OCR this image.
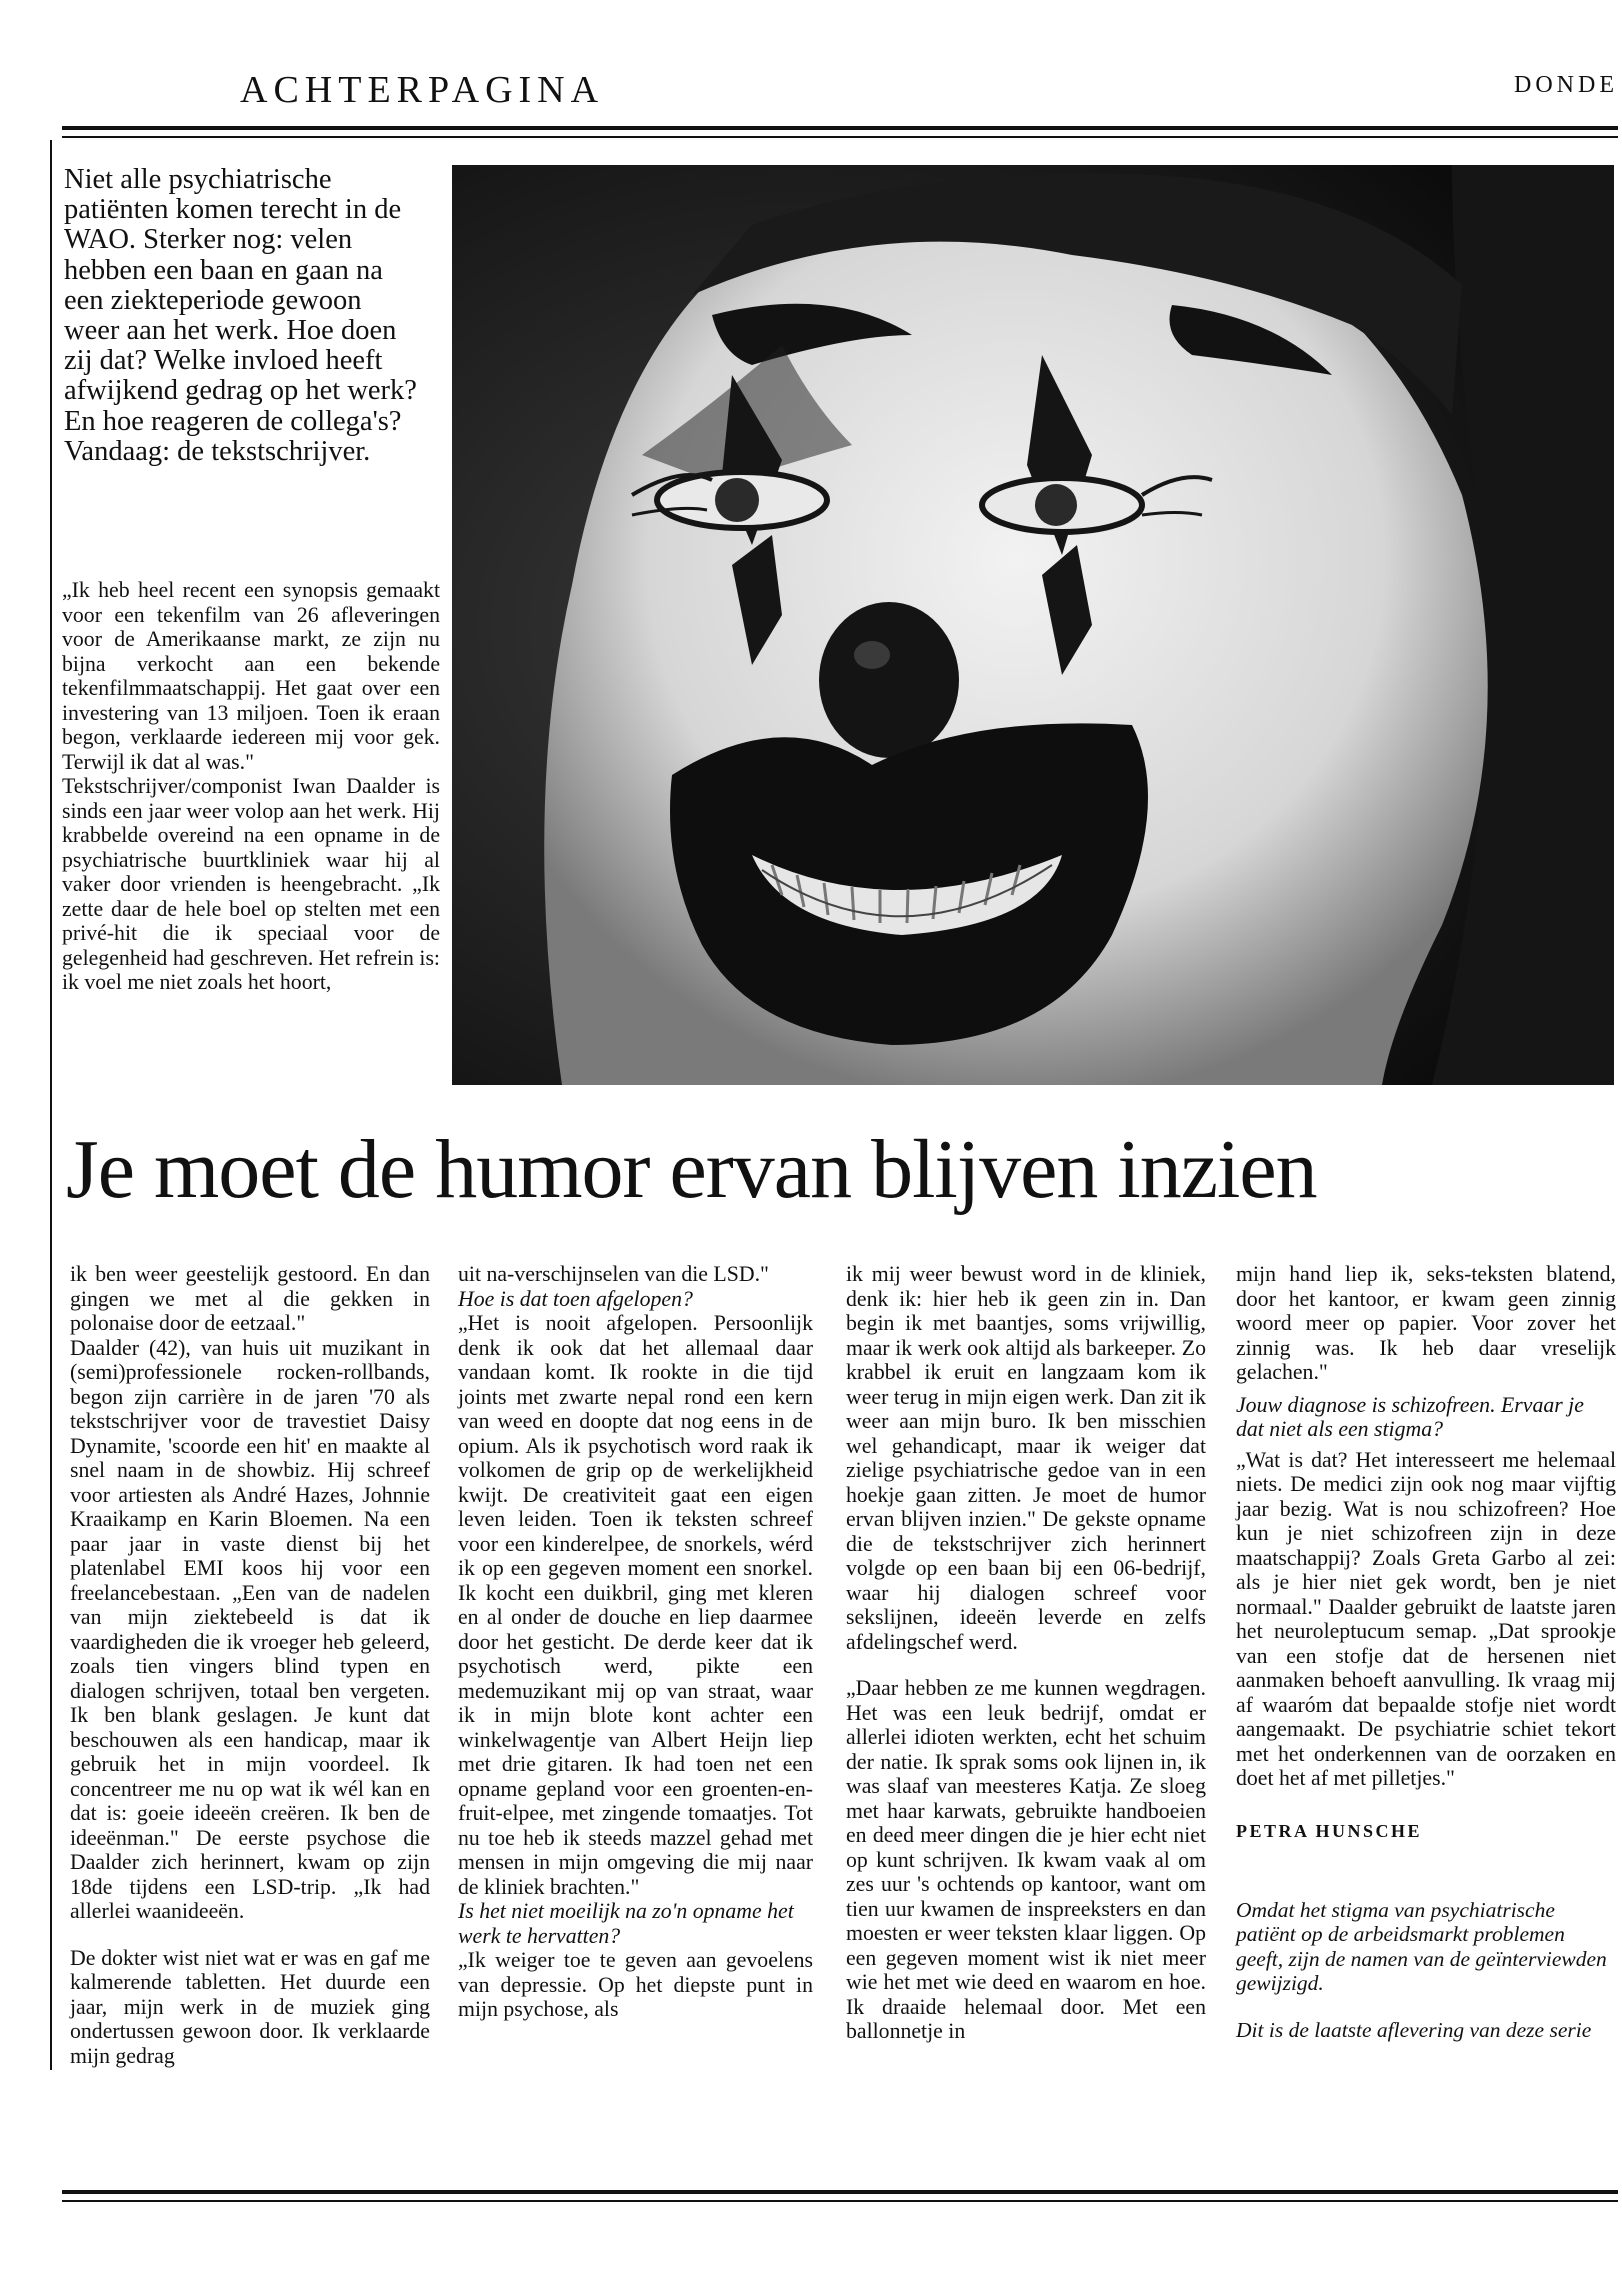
ACHTERPAGINA	DONDE
Niet alle psychiatrische patiënten komen terecht in de WAO. Sterker nog: velen hebben een baan en gaan na een ziekteperiode gewoon weer aan het werk. Hoe doen zij dat? Welke invloed heeft afwijkend gedrag op het werk? En hoe reageren de collega's? Vandaag: de tekstschrijver.

„Ik heb heel recent een synopsis gemaakt voor een tekenfilm van 26 afleveringen voor de Amerikaanse markt, ze zijn nu bijna verkocht aan een bekende tekenfilmmaatschappij. Het gaat over een investering van 13 miljoen. Toen ik eraan begon, verklaarde iedereen mij voor gek. Terwijl ik dat al was."
Tekstschrijver/componist Iwan Daalder is sinds een jaar weer volop aan het werk. Hij krabbelde overeind na een opname in de psychiatrische buurtkliniek waar hij al vaker door vrienden is heengebracht. „Ik zette daar de hele boel op stelten met een privé-hit die ik speciaal voor de gelegenheid had geschreven. Het refrein is: ik voel me niet zoals het hoort,

Je moet de humor ervan blijven inzien

ik ben weer geestelijk gestoord. En dan gingen we met al die gekken in polonaise door de eetzaal."
Daalder (42), van huis uit muzikant in (semi)professionele rocken-rollbands, begon zijn carrière in de jaren '70 als tekstschrijver voor de travestiet Daisy Dynamite, 'scoorde een hit' en maakte al snel naam in de showbiz. Hij schreef voor artiesten als André Hazes, Johnnie Kraaikamp en Karin Bloemen. Na een paar jaar in vaste dienst bij het platenlabel EMI koos hij voor een freelancebestaan. „Een van de nadelen van mijn ziektebeeld is dat ik vaardigheden die ik vroeger heb geleerd, zoals tien vingers blind typen en dialogen schrijven, totaal ben vergeten. Ik ben blank geslagen. Je kunt dat beschouwen als een handicap, maar ik gebruik het in mijn voordeel. Ik concentreer me nu op wat ik wél kan en dat is: goeie ideeën creëren. Ik ben de ideeënman." De eerste psychose die Daalder zich herinnert, kwam op zijn 18de tijdens een LSD-trip. „Ik had allerlei waanideeën.

De dokter wist niet wat er was en gaf me kalmerende tabletten. Het duurde een jaar, mijn werk in de muziek ging ondertussen gewoon door. Ik verklaarde mijn gedrag

uit na-verschijnselen van die LSD."

Hoe is dat toen afgelopen?

„Het is nooit afgelopen. Persoonlijk denk ik ook dat het allemaal daar vandaan komt. Ik rookte in die tijd joints met zwarte nepal rond een kern van weed en doopte dat nog eens in de opium. Als ik psychotisch word raak ik volkomen de grip op de werkelijkheid kwijt. De creativiteit gaat een eigen leven leiden. Toen ik teksten schreef voor een kinderelpee, de snorkels, wérd ik op een gegeven moment een snorkel. Ik kocht een duikbril, ging met kleren en al onder de douche en liep daarmee door het gesticht. De derde keer dat ik psychotisch werd, pikte een medemuzikant mij op van straat, waar ik in mijn blote kont achter een winkelwagentje van Albert Heijn liep met drie gitaren. Ik had toen net een opname gepland voor een groenten-en-fruit-elpee, met zingende tomaatjes. Tot nu toe heb ik steeds mazzel gehad met mensen in mijn omgeving die mij naar de kliniek brachten."

Is het niet moeilijk na zo'n opname het werk te hervatten?

„Ik weiger toe te geven aan gevoelens van depressie. Op het diepste punt in mijn psychose, als

ik mij weer bewust word in de kliniek, denk ik: hier heb ik geen zin in. Dan begin ik met baantjes, soms vrijwillig, maar ik werk ook altijd als barkeeper. Zo krabbel ik eruit en langzaam kom ik weer terug in mijn eigen werk. Dan zit ik weer aan mijn buro. Ik ben misschien wel gehandicapt, maar ik weiger dat zielige psychiatrische gedoe van in een hoekje gaan zitten. Je moet de humor ervan blijven inzien." De gekste opname die de tekstschrijver zich herinnert volgde op een baan bij een 06-bedrijf, waar hij dialogen schreef voor sekslijnen, ideeën leverde en zelfs afdelingschef werd.

„Daar hebben ze me kunnen wegdragen. Het was een leuk bedrijf, omdat er allerlei idioten werkten, echt het schuim der natie. Ik sprak soms ook lijnen in, ik was slaaf van meesteres Katja. Ze sloeg met haar karwats, gebruikte handboeien en deed meer dingen die je hier echt niet op kunt schrijven. Ik kwam vaak al om zes uur 's ochtends op kantoor, want om tien uur kwamen de inspreeksters en dan moesten er weer teksten klaar liggen. Op een gegeven moment wist ik niet meer wie het met wie deed en waarom en hoe. Ik draaide helemaal door. Met een ballonnetje in

mijn hand liep ik, seks-teksten blatend, door het kantoor, er kwam geen zinnig woord meer op papier. Voor zover het zinnig was. Ik heb daar vreselijk gelachen."

Jouw diagnose is schizofreen. Ervaar je dat niet als een stigma?

„Wat is dat? Het interesseert me helemaal niets. De medici zijn ook nog maar vijftig jaar bezig. Wat is nou schizofreen? Hoe kun je niet schizofreen zijn in deze maatschappij? Zoals Greta Garbo al zei: als je hier niet gek wordt, ben je niet normaal." Daalder gebruikt de laatste jaren het neuroleptucum semap. „Dat sprookje van een stofje dat de hersenen niet aanmaken behoeft aanvulling. Ik vraag mij af waaróm dat bepaalde stofje niet wordt aangemaakt. De psychiatrie schiet tekort met het onderkennen van de oorzaken en doet het af met pilletjes."

PETRA HUNSCHE

Omdat het stigma van psychiatrische patiënt op de arbeidsmarkt problemen geeft, zijn de namen van de geïnterviewden gewijzigd.

Dit is de laatste aflevering van deze serie
